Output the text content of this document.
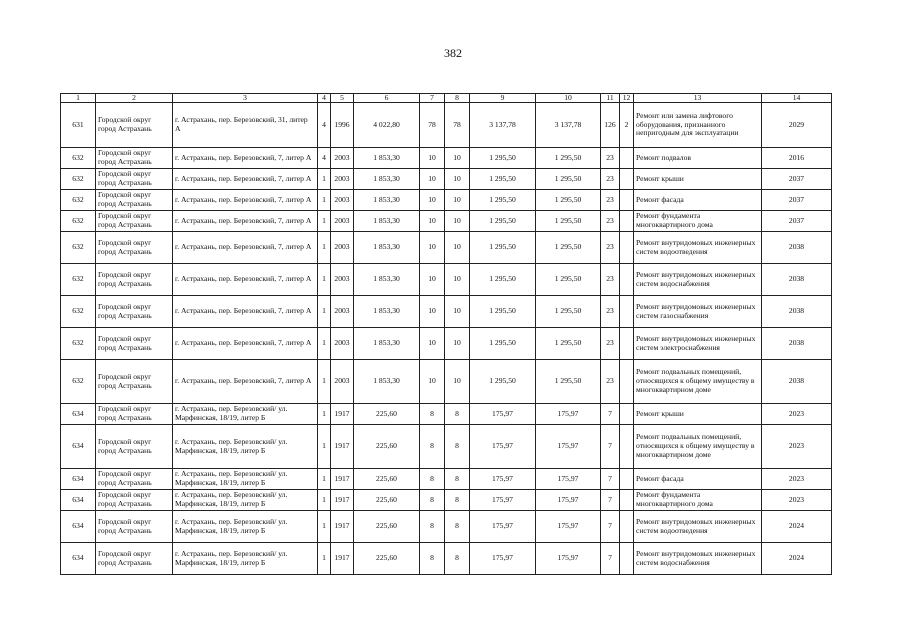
382
1	2	3	4	5	6	7	8	9	10	11	12	13	14
631	Городской округ город Астрахань	г. Астрахань, пер. Березовский, 31, литер А	4	1996	4 022,80	78	78	3 137,78	3 137,78	126	2	Ремонт или замена лифтового оборудования, признанного непригодным для эксплуатации	2029
632	Городской округ город Астрахань	г. Астрахань, пер. Березовский, 7, литер А	4	2003	1 853,30	10	10	1 295,50	1 295,50	23		Ремонт подвалов	2016
632	Городской округ город Астрахань	г. Астрахань, пер. Березовский, 7, литер А	1	2003	1 853,30	10	10	1 295,50	1 295,50	23		Ремонт крыши	2037
632	Городской округ город Астрахань	г. Астрахань, пер. Березовский, 7, литер А	1	2003	1 853,30	10	10	1 295,50	1 295,50	23		Ремонт фасада	2037
632	Городской округ город Астрахань	г. Астрахань, пер. Березовский, 7, литер А	1	2003	1 853,30	10	10	1 295,50	1 295,50	23		Ремонт фундамента многоквартирного дома	2037
632	Городской округ город Астрахань	г. Астрахань, пер. Березовский, 7, литер А	1	2003	1 853,30	10	10	1 295,50	1 295,50	23		Ремонт внутридомовых инженерных систем водоотведения	2038
632	Городской округ город Астрахань	г. Астрахань, пер. Березовский, 7, литер А	1	2003	1 853,30	10	10	1 295,50	1 295,50	23		Ремонт внутридомовых инженерных систем водоснабжения	2038
632	Городской округ город Астрахань	г. Астрахань, пер. Березовский, 7, литер А	1	2003	1 853,30	10	10	1 295,50	1 295,50	23		Ремонт внутридомовых инженерных систем газоснабжения	2038
632	Городской округ город Астрахань	г. Астрахань, пер. Березовский, 7, литер А	1	2003	1 853,30	10	10	1 295,50	1 295,50	23		Ремонт внутридомовых инженерных систем электроснабжения	2038
632	Городской округ город Астрахань	г. Астрахань, пер. Березовский, 7, литер А	1	2003	1 853,30	10	10	1 295,50	1 295,50	23		Ремонт подвальных помещений, относящихся к общему имуществу в многоквартирном доме	2038
634	Городской округ город Астрахань	г. Астрахань, пер. Березовский/ ул. Марфинская, 18/19, литер Б	1	1917	225,60	8	8	175,97	175,97	7		Ремонт крыши	2023
634	Городской округ город Астрахань	г. Астрахань, пер. Березовский/ ул. Марфинская, 18/19, литер Б	1	1917	225,60	8	8	175,97	175,97	7		Ремонт подвальных помещений, относящихся к общему имуществу в многоквартирном доме	2023
634	Городской округ город Астрахань	г. Астрахань, пер. Березовский/ ул. Марфинская, 18/19, литер Б	1	1917	225,60	8	8	175,97	175,97	7		Ремонт фасада	2023
634	Городской округ город Астрахань	г. Астрахань, пер. Березовский/ ул. Марфинская, 18/19, литер Б	1	1917	225,60	8	8	175,97	175,97	7		Ремонт фундамента многоквартирного дома	2023
634	Городской округ город Астрахань	г. Астрахань, пер. Березовский/ ул. Марфинская, 18/19, литер Б	1	1917	225,60	8	8	175,97	175,97	7		Ремонт внутридомовых инженерных систем водоотведения	2024
634	Городской округ город Астрахань	г. Астрахань, пер. Березовский/ ул. Марфинская, 18/19, литер Б	1	1917	225,60	8	8	175,97	175,97	7		Ремонт внутридомовых инженерных систем водоснабжения	2024
